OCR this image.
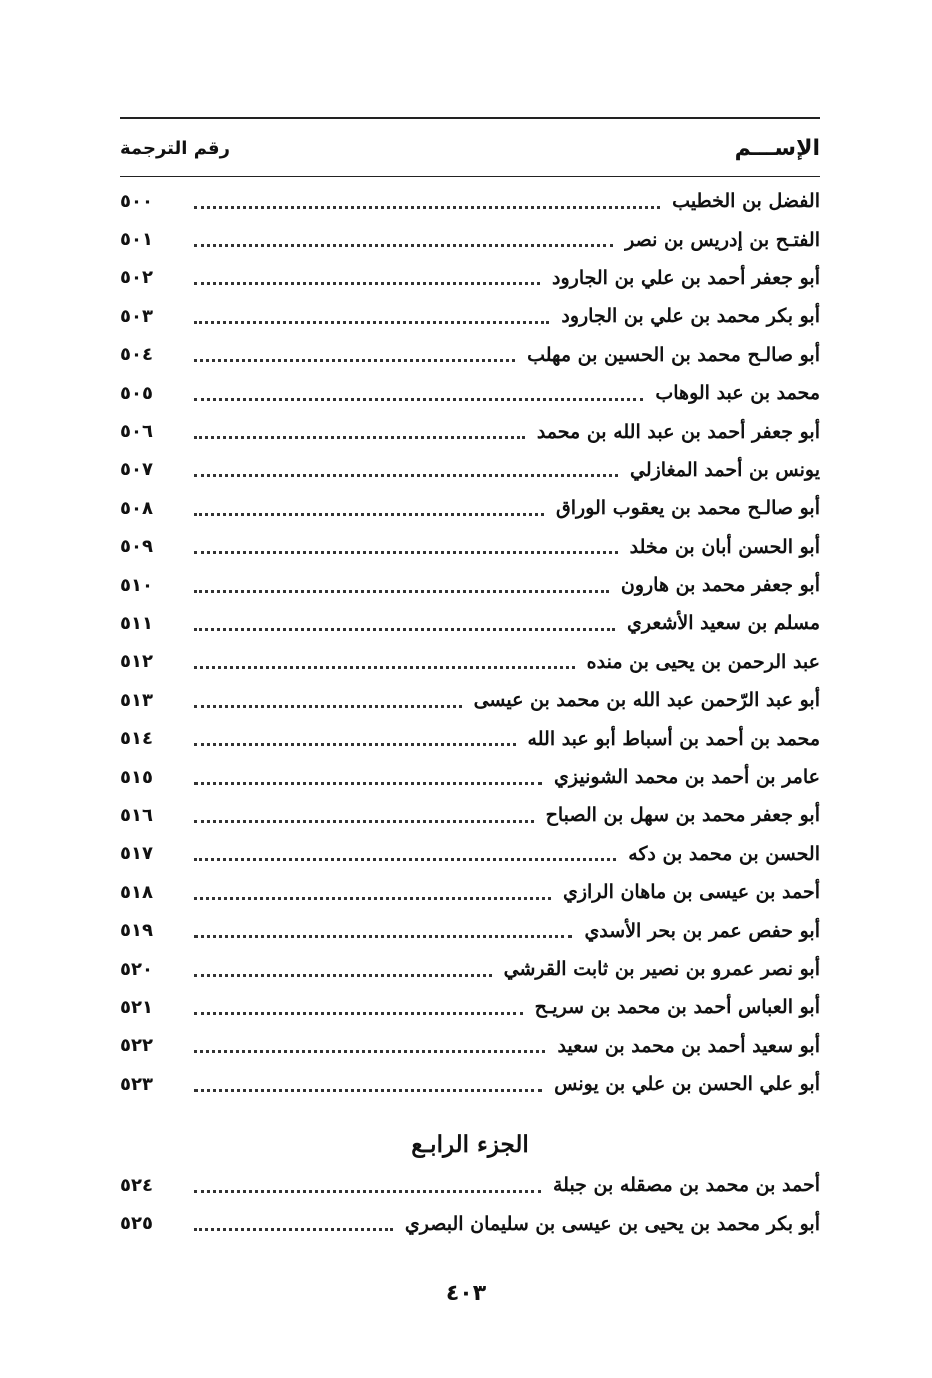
الإســـم
رقم الترجمة
الفضل بن الخطيب
٥٠٠
الفتـح بن إدريس بن نصر
٥٠١
أبو جعفر أحمد بن علي بن الجارود
٥٠٢
أبو بكر محمد بن علي بن الجارود
٥٠٣
أبو صالـح محمد بن الحسين بن مهلب
٥٠٤
محمد بن عبد الوهاب
٥٠٥
أبو جعفر أحمد بن عبد الله بن محمد
٥٠٦
يونس بن أحمد المغازلي
٥٠٧
أبو صالـح محمد بن يعقوب الوراق
٥٠٨
أبو الحسن أبان بن مخلد
٥٠٩
أبو جعفر محمد بن هارون
٥١٠
مسلم بن سعيد الأشعري
٥١١
عبد الرحمن بن يحيى بن منده
٥١٢
أبو عبد الرّحمن عبد الله بن محمد بن عيسى
٥١٣
محمد بن أحمد بن أسباط أبو عبد الله
٥١٤
عامر بن أحمد بن محمد الشونيزي
٥١٥
أبو جعفر محمد بن سهل بن الصباح
٥١٦
الحسن بن محمد بن دكه
٥١٧
أحمد بن عيسى بن ماهان الرازي
٥١٨
أبو حفص عمر بن بحر الأسدي
٥١٩
أبو نصر عمرو بن نصير بن ثابت القرشي
٥٢٠
أبو العباس أحمد بن محمد بن سريـح
٥٢١
أبو سعيد أحمد بن محمد بن سعيد
٥٢٢
أبو علي الحسن بن علي بن يونس
٥٢٣
الجزء الرابـع
أحمد بن محمد بن مصقله بن جبلة
٥٢٤
أبو بكر محمد بن يحيى بن عيسى بن سليمان البصري
٥٢٥
٤٠٣
